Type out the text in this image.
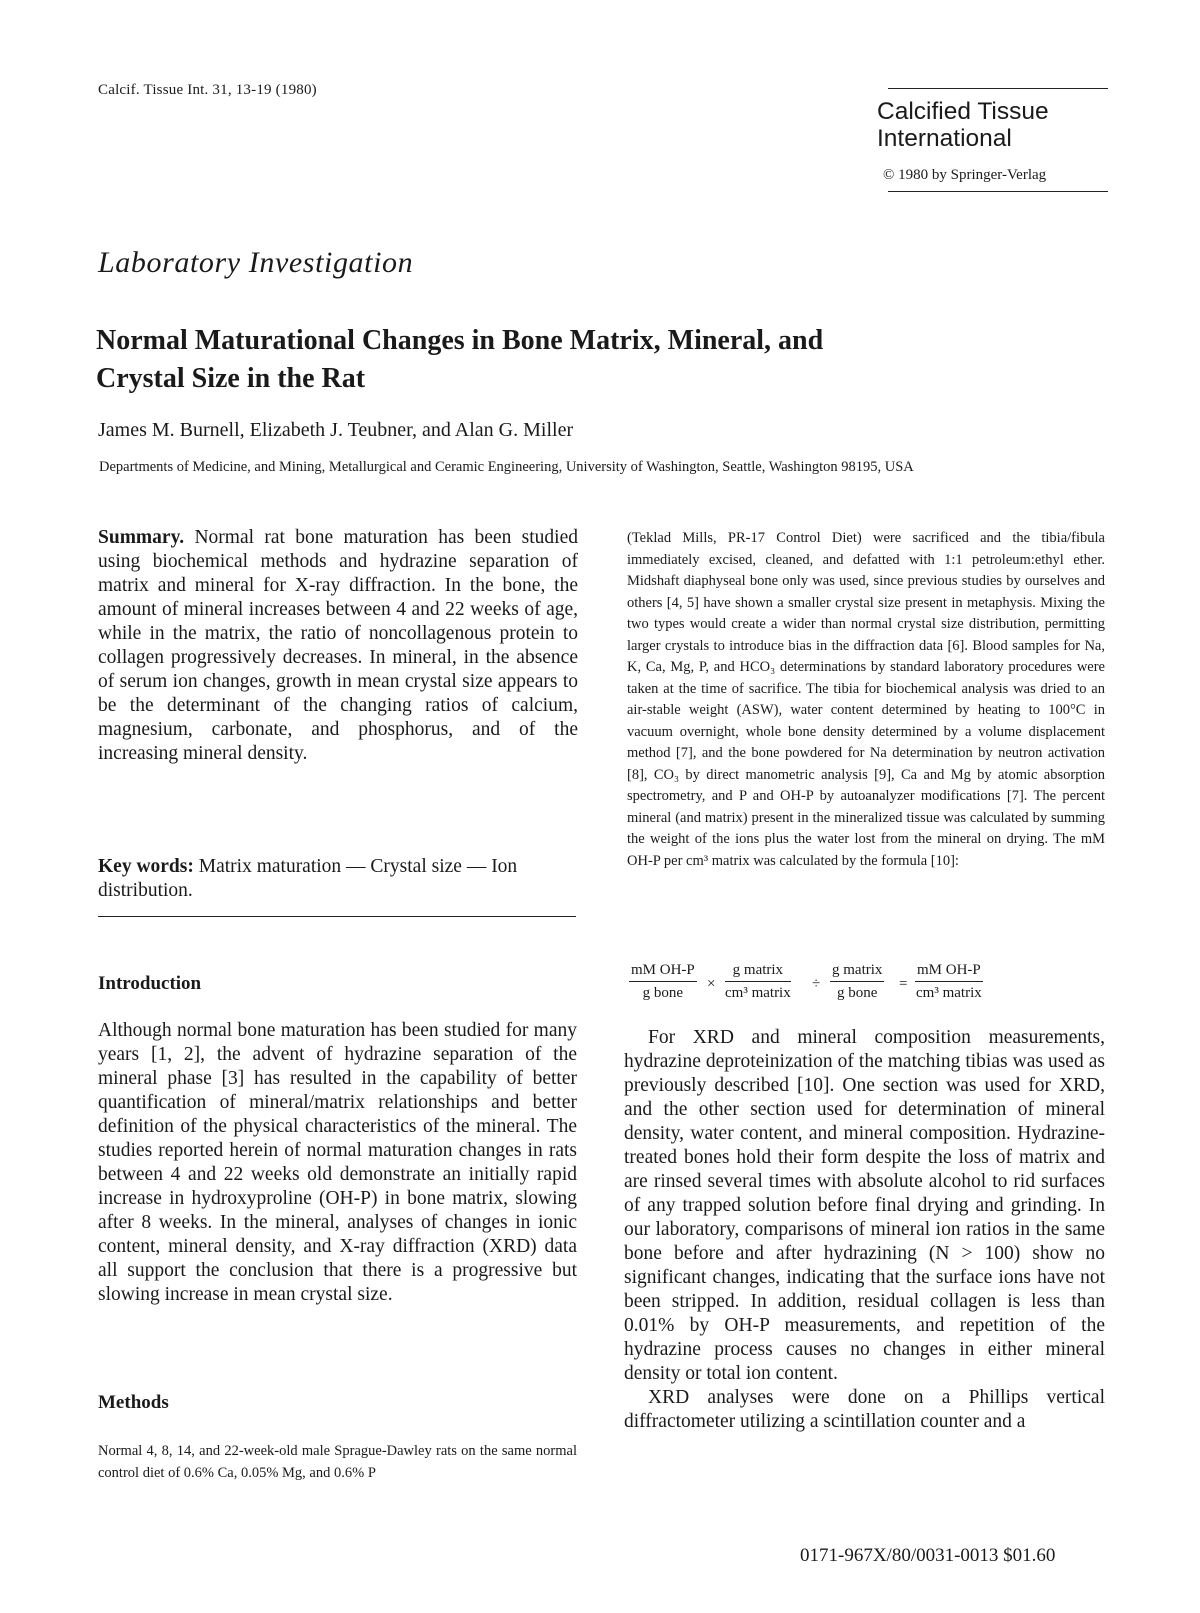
Calcif. Tissue Int. 31, 13-19 (1980)
Calcified Tissue
International
© 1980 by Springer-Verlag
Laboratory Investigation
Normal Maturational Changes in Bone Matrix, Mineral, and Crystal Size in the Rat
James M. Burnell, Elizabeth J. Teubner, and Alan G. Miller
Departments of Medicine, and Mining, Metallurgical and Ceramic Engineering, University of Washington, Seattle, Washington 98195, USA
Summary. Normal rat bone maturation has been studied using biochemical methods and hydrazine separation of matrix and mineral for X-ray diffraction. In the bone, the amount of mineral increases between 4 and 22 weeks of age, while in the matrix, the ratio of noncollagenous protein to collagen progressively decreases. In mineral, in the absence of serum ion changes, growth in mean crystal size appears to be the determinant of the changing ratios of calcium, magnesium, carbonate, and phosphorus, and of the increasing mineral density.
Key words: Matrix maturation — Crystal size — Ion distribution.
Introduction
Although normal bone maturation has been studied for many years [1, 2], the advent of hydrazine separation of the mineral phase [3] has resulted in the capability of better quantification of mineral/matrix relationships and better definition of the physical characteristics of the mineral. The studies reported herein of normal maturation changes in rats between 4 and 22 weeks old demonstrate an initially rapid increase in hydroxyproline (OH-P) in bone matrix, slowing after 8 weeks. In the mineral, analyses of changes in ionic content, mineral density, and X-ray diffraction (XRD) data all support the conclusion that there is a progressive but slowing increase in mean crystal size.
Methods
Normal 4, 8, 14, and 22-week-old male Sprague-Dawley rats on the same normal control diet of 0.6% Ca, 0.05% Mg, and 0.6% P
(Teklad Mills, PR-17 Control Diet) were sacrificed and the tibia/fibula immediately excised, cleaned, and defatted with 1:1 petroleum:ethyl ether. Midshaft diaphyseal bone only was used, since previous studies by ourselves and others [4, 5] have shown a smaller crystal size present in metaphysis. Mixing the two types would create a wider than normal crystal size distribution, permitting larger crystals to introduce bias in the diffraction data [6]. Blood samples for Na, K, Ca, Mg, P, and HCO₃ determinations by standard laboratory procedures were taken at the time of sacrifice. The tibia for biochemical analysis was dried to an air-stable weight (ASW), water content determined by heating to 100°C in vacuum overnight, whole bone density determined by a volume displacement method [7], and the bone powdered for Na determination by neutron activation [8], CO₃ by direct manometric analysis [9], Ca and Mg by atomic absorption spectrometry, and P and OH-P by autoanalyzer modifications [7]. The percent mineral (and matrix) present in the mineralized tissue was calculated by summing the weight of the ions plus the water lost from the mineral on drying. The mM OH-P per cm³ matrix was calculated by the formula [10]:
mM OH-P
g bone
×
g matrix
cm³ matrix
÷
g matrix
g bone
=
mM OH-P
cm³ matrix

For XRD and mineral composition measurements, hydrazine deproteinization of the matching tibias was used as previously described [10]. One section was used for XRD, and the other section used for determination of mineral density, water content, and mineral composition. Hydrazine-treated bones hold their form despite the loss of matrix and are rinsed several times with absolute alcohol to rid surfaces of any trapped solution before final drying and grinding. In our laboratory, comparisons of mineral ion ratios in the same bone before and after hydrazining (N > 100) show no significant changes, indicating that the surface ions have not been stripped. In addition, residual collagen is less than 0.01% by OH-P measurements, and repetition of the hydrazine process causes no changes in either mineral density or total ion content.

XRD analyses were done on a Phillips vertical diffractometer utilizing a scintillation counter and a

0171-967X/80/0031-0013 $01.60
